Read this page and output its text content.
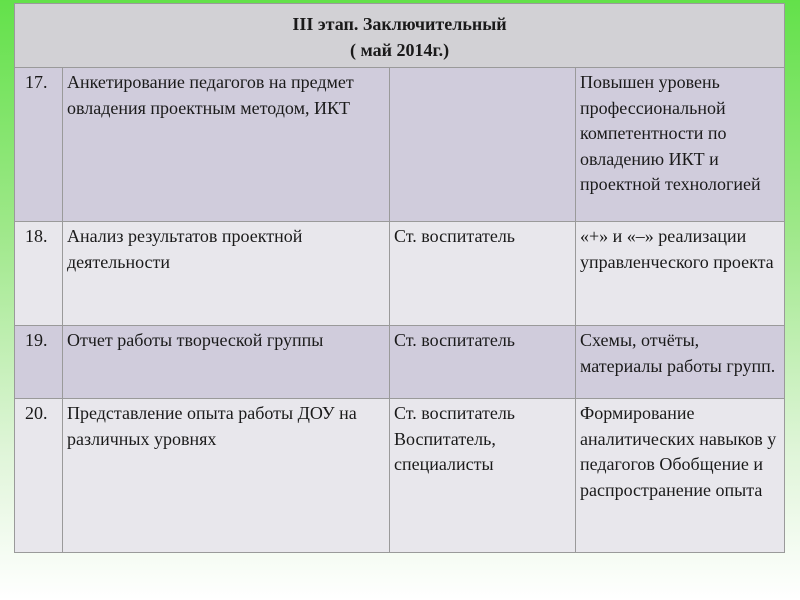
III этап. Заключительный
( май 2014г.)			

17.	Анкетирование педагогов на предмет овладения проектным методом, ИКТ		Повышен уровень профессиональной компетентности по овладению ИКТ и проектной технологией
18.	Анализ результатов проектной деятельности	Ст. воспитатель	«+» и «–» реализации управленческого проекта
19.	Отчет работы творческой группы	Ст. воспитатель	Схемы, отчёты, материалы работы групп.
20.	Представление опыта работы ДОУ на различных уровнях	Ст. воспитатель Воспитатель, специалисты	Формирование аналитических навыков у педагогов Обобщение и распространение опыта
